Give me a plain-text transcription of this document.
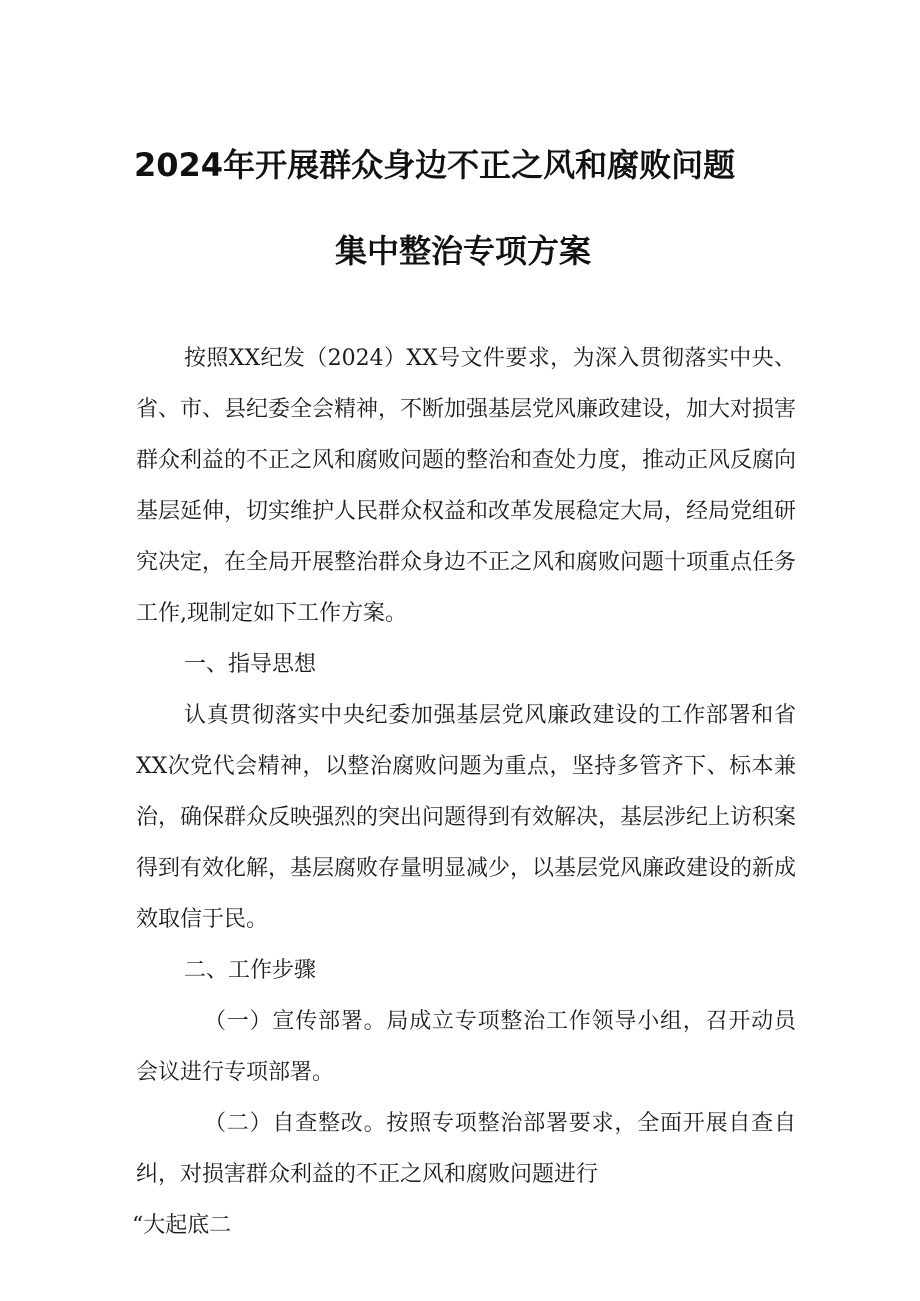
2024年开展群众身边不正之风和腐败问题
集中整治专项方案

按照XX纪发（2024）XX号文件要求，为深入贯彻落实中央、省、市、县纪委全会精神，不断加强基层党风廉政建设，加大对损害群众利益的不正之风和腐败问题的整治和查处力度，推动正风反腐向基层延伸，切实维护人民群众权益和改革发展稳定大局，经局党组研究决定，在全局开展整治群众身边不正之风和腐败问题十项重点任务工作,现制定如下工作方案。

一、指导思想

认真贯彻落实中央纪委加强基层党风廉政建设的工作部署和省XX次党代会精神，以整治腐败问题为重点，坚持多管齐下、标本兼治，确保群众反映强烈的突出问题得到有效解决，基层涉纪上访积案得到有效化解，基层腐败存量明显减少，以基层党风廉政建设的新成效取信于民。

二、工作步骤

（一）宣传部署。局成立专项整治工作领导小组，召开动员会议进行专项部署。

（二）自查整改。按照专项整治部署要求，全面开展自查自纠，对损害群众利益的不正之风和腐败问题进行

“大起底二
